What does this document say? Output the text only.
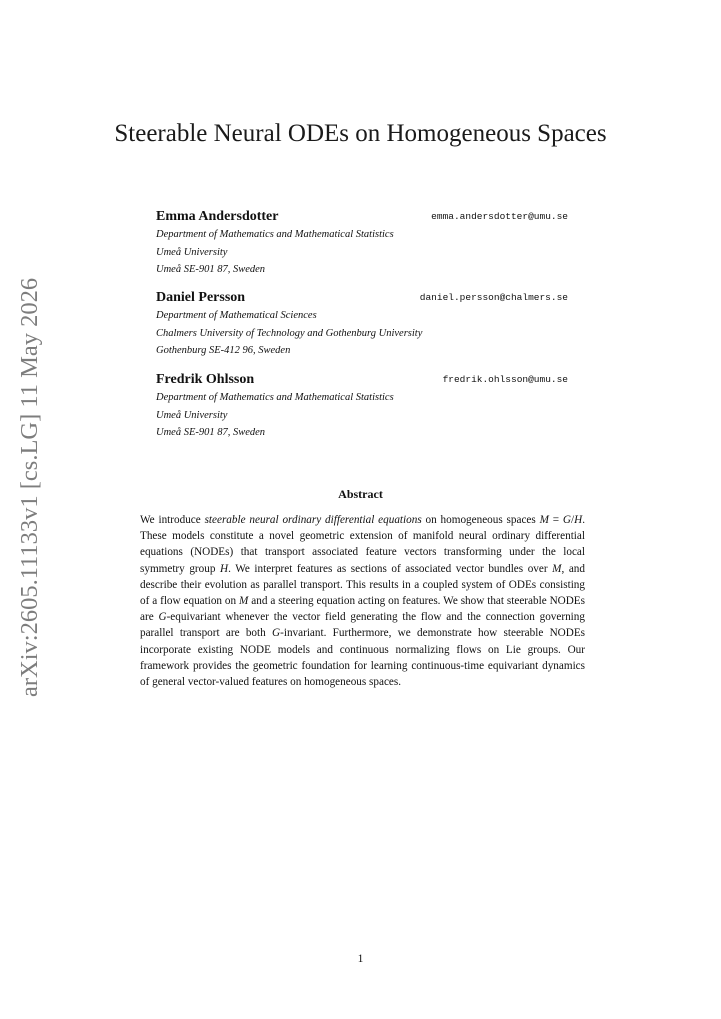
arXiv:2605.11133v1 [cs.LG] 11 May 2026
Steerable Neural ODEs on Homogeneous Spaces
Emma Andersdotter	emma.andersdotter@umu.se
Department of Mathematics and Mathematical Statistics
Umeå University
Umeå SE-901 87, Sweden
Daniel Persson	daniel.persson@chalmers.se
Department of Mathematical Sciences
Chalmers University of Technology and Gothenburg University
Gothenburg SE-412 96, Sweden
Fredrik Ohlsson	fredrik.ohlsson@umu.se
Department of Mathematics and Mathematical Statistics
Umeå University
Umeå SE-901 87, Sweden
Abstract

We introduce steerable neural ordinary differential equations on homogeneous spaces M = G/H. These models constitute a novel geometric extension of manifold neural ordinary differential equations (NODEs) that transport associated feature vectors transforming under the local symmetry group H. We interpret features as sections of associated vector bundles over M, and describe their evolution as parallel transport. This results in a coupled system of ODEs consisting of a flow equation on M and a steering equation acting on features. We show that steerable NODEs are G-equivariant whenever the vector field generating the flow and the connection governing parallel transport are both G-invariant. Furthermore, we demonstrate how steerable NODEs incorporate existing NODE models and continuous normalizing flows on Lie groups. Our framework provides the geometric foundation for learning continuous-time equivariant dynamics of general vector-valued features on homogeneous spaces.

1
